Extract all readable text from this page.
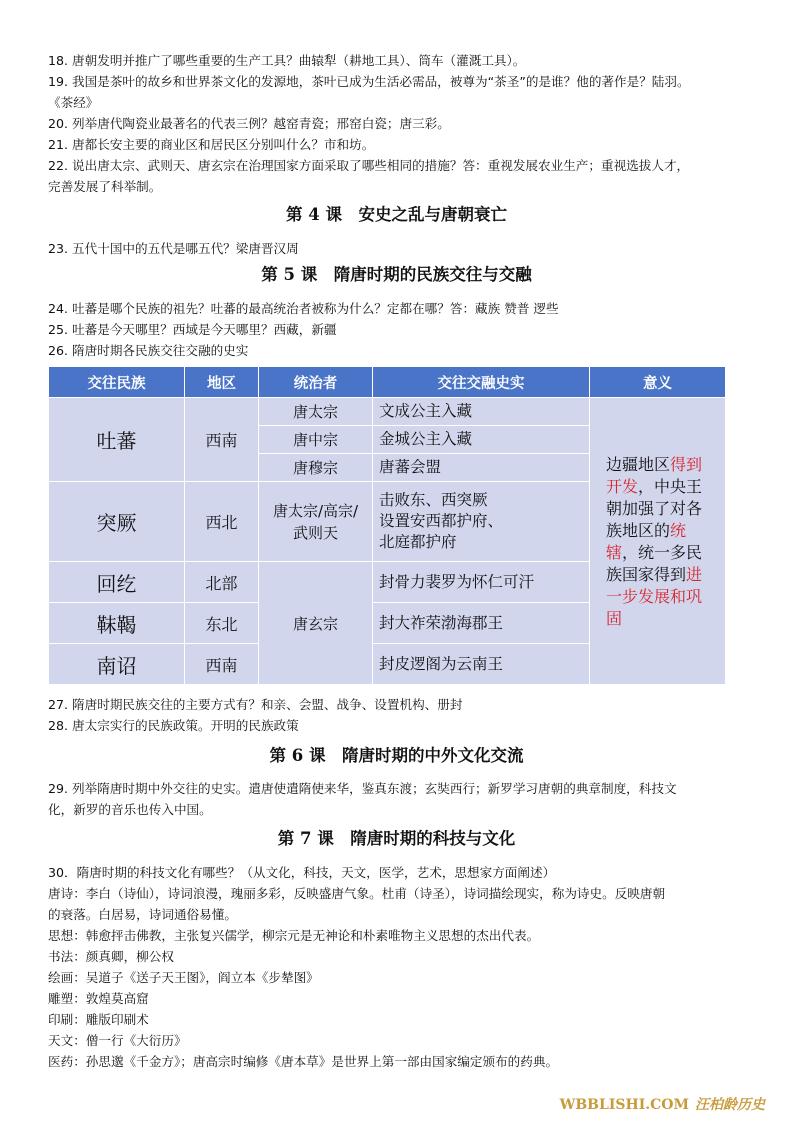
18. 唐朝发明并推广了哪些重要的生产工具？曲辕犁（耕地工具）、筒车（灌溉工具）。
19. 我国是茶叶的故乡和世界茶文化的发源地，茶叶已成为生活必需品，被尊为“茶圣”的是谁？他的著作是？陆羽。
《茶经》
20. 列举唐代陶瓷业最著名的代表三例？越窑青瓷；邢窑白瓷；唐三彩。
21. 唐都长安主要的商业区和居民区分别叫什么？市和坊。
22. 说出唐太宗、武则天、唐玄宗在治理国家方面采取了哪些相同的措施？答：重视发展农业生产；重视选拔人才，
完善发展了科举制。
第 4 课　安史之乱与唐朝衰亡
23. 五代十国中的五代是哪五代？梁唐晋汉周
第 5 课　隋唐时期的民族交往与交融
24. 吐蕃是哪个民族的祖先？吐蕃的最高统治者被称为什么？定都在哪？答：藏族 赞普 逻些
25. 吐蕃是今天哪里？西域是今天哪里？西藏，新疆
26. 隋唐时期各民族交往交融的史实
交往民族	地区	统治者	交往交融史实	意义
吐蕃	西南	唐太宗	文成公主入藏	边疆地区得到开发，中央王朝加强了对各族地区的统辖，统一多民族国家得到进一步发展和巩固
		唐中宗	金城公主入藏	
		唐穆宗	唐蕃会盟	
突厥	西北	唐太宗/高宗/武则天	击败东、西突厥
设置安西都护府、
北庭都护府	

回纥	北部	唐玄宗	封骨力裴罗为怀仁可汗	
靺鞨	东北		封大祚荣渤海郡王	
南诏	西南		封皮逻阁为云南王	
27. 隋唐时期民族交往的主要方式有？和亲、会盟、战争、设置机构、册封
28. 唐太宗实行的民族政策。开明的民族政策
第 6 课　隋唐时期的中外文化交流
29. 列举隋唐时期中外交往的史实。遣唐使遣隋使来华，鉴真东渡；玄奘西行；新罗学习唐朝的典章制度，科技文
化，新罗的音乐也传入中国。
第 7 课　隋唐时期的科技与文化
30．隋唐时期的科技文化有哪些？（从文化，科技，天文，医学，艺术，思想家方面阐述）
唐诗：李白（诗仙），诗词浪漫，瑰丽多彩，反映盛唐气象。杜甫（诗圣），诗词描绘现实，称为诗史。反映唐朝
的衰落。白居易，诗词通俗易懂。
思想：韩愈抨击佛教，主张复兴儒学，柳宗元是无神论和朴素唯物主义思想的杰出代表。
书法：颜真卿，柳公权
绘画：吴道子《送子天王图》，阎立本《步辇图》
雕塑：敦煌莫高窟
印刷：雕版印刷术
天文：僧一行《大衍历》
医药：孙思邈《千金方》；唐高宗时编修《唐本草》是世界上第一部由国家编定颁布的药典。
WBBLISHI.COM 汪柏龄历史
